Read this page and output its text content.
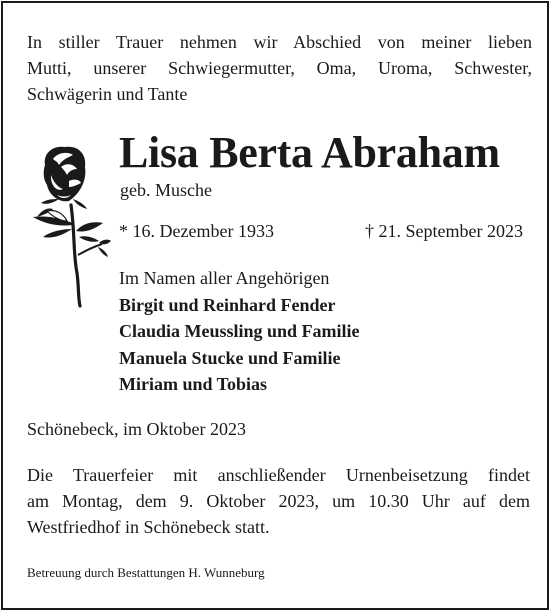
In stiller Trauer nehmen wir Abschied von meiner lieben
Mutti, unserer Schwiegermutter, Oma, Uroma, Schwester,
Schwägerin und Tante
Lisa Berta Abraham
geb. Musche
* 16. Dezember 1933	† 21. September 2023
Im Namen aller Angehörigen
Birgit und Reinhard Fender
Claudia Meussling und Familie
Manuela Stucke und Familie
Miriam und Tobias
Schönebeck, im Oktober 2023
Die Trauerfeier mit anschließender Urnenbeisetzung findet
am Montag, dem 9. Oktober 2023, um 10.30 Uhr auf dem
Westfriedhof in Schönebeck statt.
Betreuung durch Bestattungen H. Wunneburg
